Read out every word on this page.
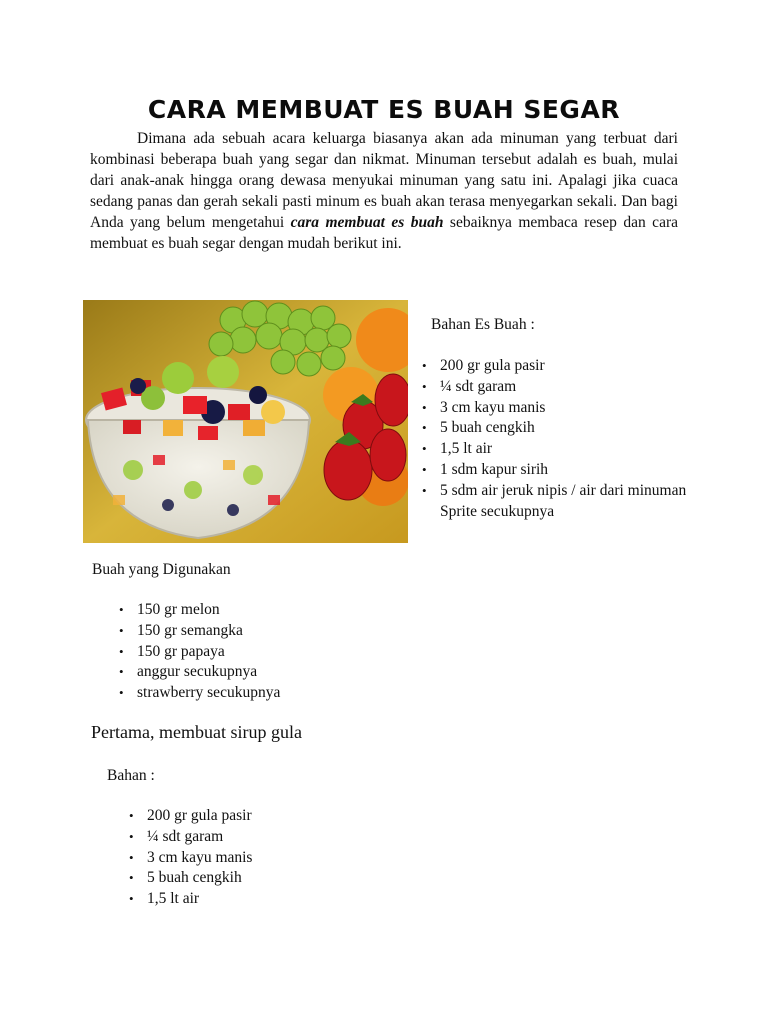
CARA MEMBUAT ES BUAH SEGAR

Dimana ada sebuah acara keluarga biasanya akan ada minuman yang terbuat dari kombinasi beberapa buah yang segar dan nikmat. Minuman tersebut adalah es buah, mulai dari anak-anak hingga orang dewasa menyukai minuman yang satu ini. Apalagi jika cuaca sedang panas dan gerah sekali pasti minum es buah akan terasa menyegarkan sekali. Dan bagi Anda yang belum mengetahui cara membuat es buah sebaiknya membaca resep dan cara membuat es buah segar dengan mudah berikut ini.

Bahan Es Buah :

• 200 gr gula pasir
• ¼ sdt garam
• 3 cm kayu manis
• 5 buah cengkih
• 1,5 lt air
• 1 sdm kapur sirih
• 5 sdm air jeruk nipis / air dari minuman Sprite secukupnya

Buah yang Digunakan

• 150 gr melon
• 150 gr semangka
• 150 gr papaya
• anggur secukupnya
• strawberry secukupnya
Pertama, membuat sirup gula

Bahan :

• 200 gr gula pasir
• ¼ sdt garam
• 3 cm kayu manis
• 5 buah cengkih
• 1,5 lt air
